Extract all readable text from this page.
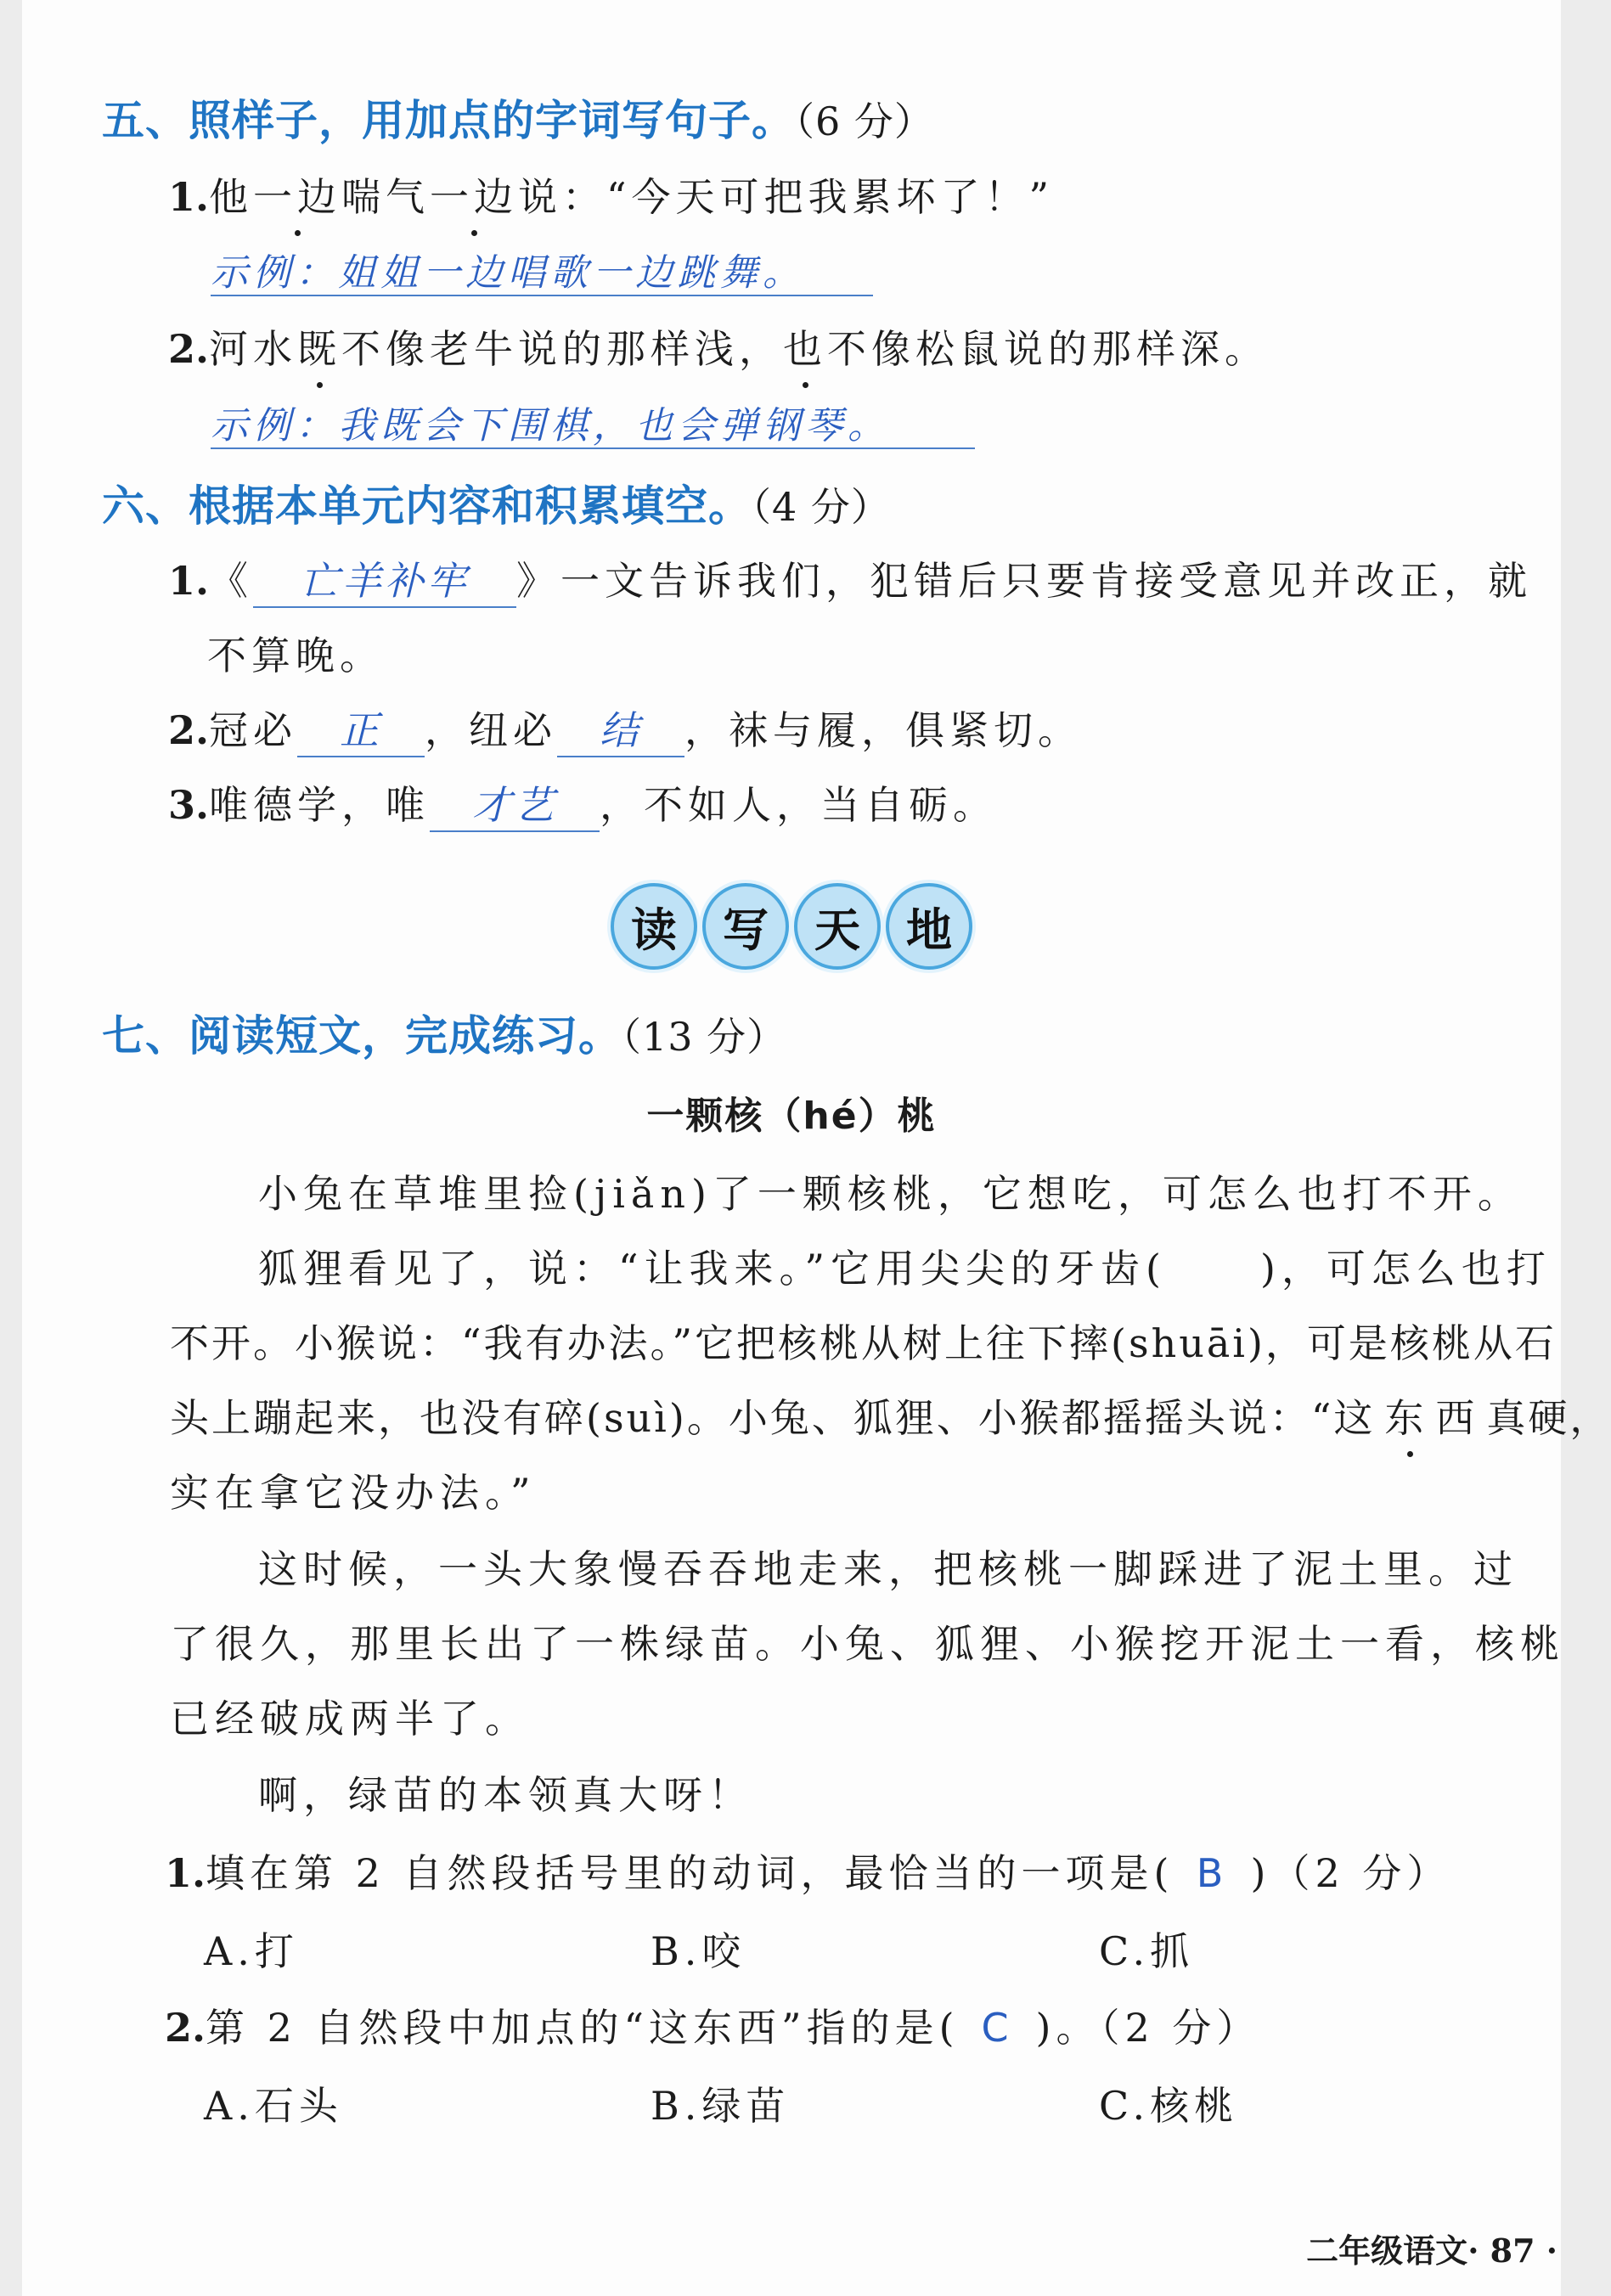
五、照样子，用加点的字词写句子。（6 分）
1.他一边喘气一边说：“今天可把我累坏了！”
示例：姐姐一边唱歌一边跳舞。
2.河水既不像老牛说的那样浅，也不像松鼠说的那样深。
示例：我既会下围棋，也会弹钢琴。
六、根据本单元内容和积累填空。（4 分）
1.《 亡羊补牢 》一文告诉我们，犯错后只要肯接受意见并改正，就
不算晚。
2.冠必 正 ，纽必 结 ，袜与履，俱紧切。
3.唯德学，唯 才艺 ，不如人，当自砺。
读	写	天	地
七、阅读短文，完成练习。（13 分）
一颗核（hé）桃
小兔在草堆里捡(jiǎn)了一颗核桃，它想吃，可怎么也打不开。
狐狸看见了，说：“让我来。”它用尖尖的牙齿( )，可怎么也打
不开。小猴说：“我有办法。”它把核桃从树上往下摔(shuāi)，可是核桃从石
头上蹦起来，也没有碎(suì)。小兔、狐狸、小猴都摇摇头说：“这东西真硬，
实在拿它没办法。”
这时候，一头大象慢吞吞地走来，把核桃一脚踩进了泥土里。过
了很久，那里长出了一株绿苗。小兔、狐狸、小猴挖开泥土一看，核桃
已经破成两半了。
啊，绿苗的本领真大呀！
1.填在第 2 自然段括号里的动词，最恰当的一项是( B )（2 分）
A.打	B.咬	C.抓
2.第 2 自然段中加点的“这东西”指的是( C )。（2 分）
A.石头	B.绿苗	C.核桃
二年级语文· 87 ·
